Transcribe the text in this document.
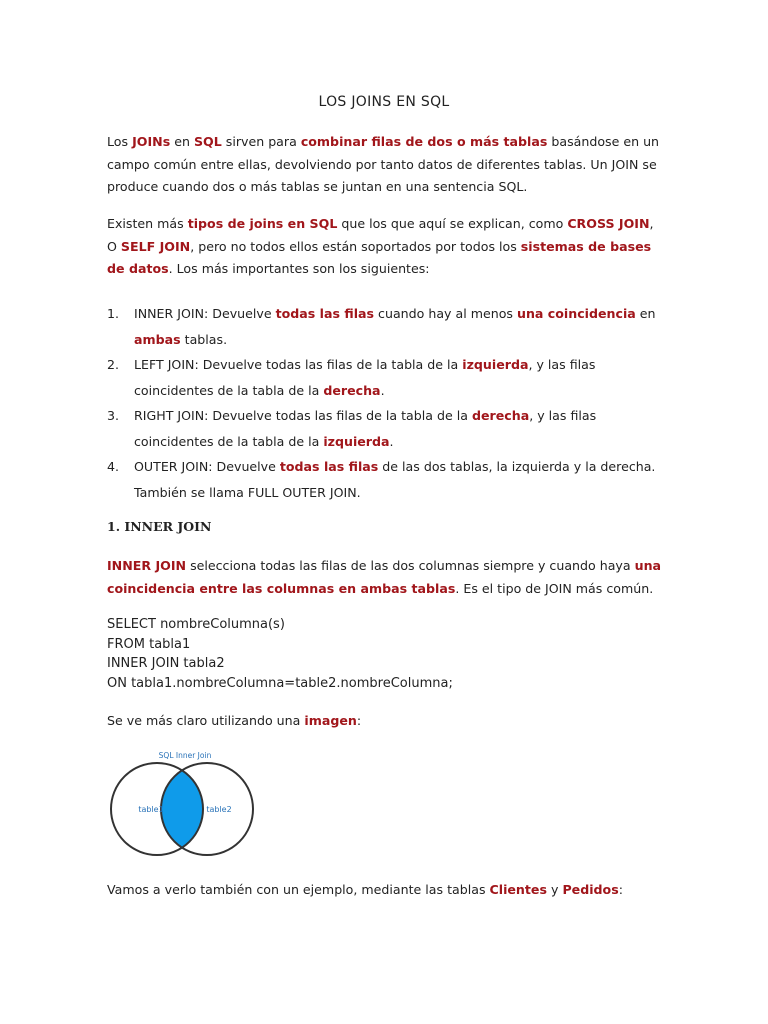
LOS JOINS EN SQL
Los JOINs en SQL sirven para combinar filas de dos o más tablas basándose en un campo común entre ellas, devolviendo por tanto datos de diferentes tablas. Un JOIN se produce cuando dos o más tablas se juntan en una sentencia SQL.
Existen más tipos de joins en SQL que los que aquí se explican, como CROSS JOIN, O SELF JOIN, pero no todos ellos están soportados por todos los sistemas de bases de datos. Los más importantes son los siguientes:
1. INNER JOIN: Devuelve todas las filas cuando hay al menos una coincidencia en ambas tablas.
2. LEFT JOIN: Devuelve todas las filas de la tabla de la izquierda, y las filas coincidentes de la tabla de la derecha.
3. RIGHT JOIN: Devuelve todas las filas de la tabla de la derecha, y las filas coincidentes de la tabla de la izquierda.
4. OUTER JOIN: Devuelve todas las filas de las dos tablas, la izquierda y la derecha. También se llama FULL OUTER JOIN.
1. INNER JOIN
INNER JOIN selecciona todas las filas de las dos columnas siempre y cuando haya una coincidencia entre las columnas en ambas tablas. Es el tipo de JOIN más común.
SELECT nombreColumna(s)
FROM tabla1
INNER JOIN tabla2
ON tabla1.nombreColumna=table2.nombreColumna;
Se ve más claro utilizando una imagen:
SQL Inner Join
table1	table2
Vamos a verlo también con un ejemplo, mediante las tablas Clientes y Pedidos:
